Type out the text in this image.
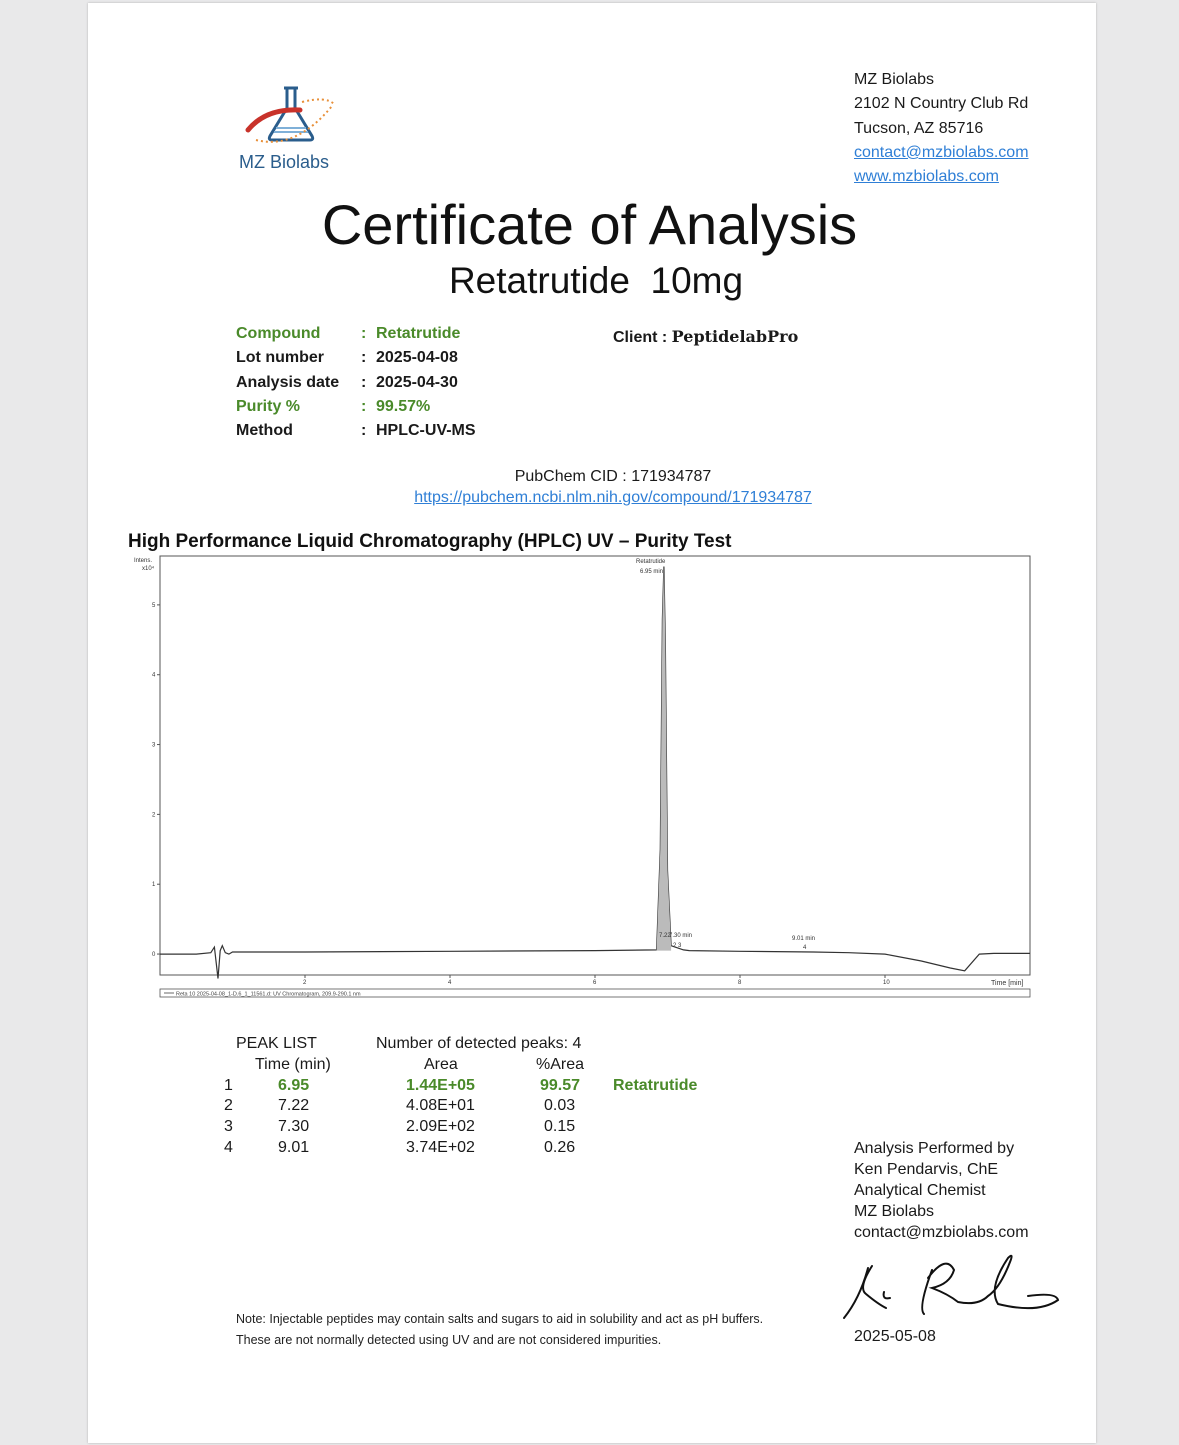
MZ Biolabs
MZ Biolabs
2102 N Country Club Rd
Tucson, AZ 85716
contact@mzbiolabs.com
www.mzbiolabs.com
Certificate of Analysis
Retatrutide  10mg
Compound	: Retatrutide
Lot number : 2025-04-08
Analysis date : 2025-04-30
Purity %	: 99.57%
Method	: HPLC-UV-MS
Client : PeptidelabPro
PubChem CID : 171934787
https://pubchem.ncbi.nlm.nih.gov/compound/171934787
High Performance Liquid Chromatography (HPLC) UV – Purity Test
Reta 10 2025-04-08_1-D.6_1_11561.d: UV Chromatogram, 209.9-290.1 nm
Intens.
x10⁴
Time [min]
2	4	6	8	10
0
1
2
3
4
5
Retatrutide
6.95 min
7.22
7.30 min
2 3
9.01 min
4
PEAK LIST	Number of detected peaks: 4
Time (min)	Area	%Area
1	6.95	1.44E+05	99.57 Retatrutide
2	7.22	4.08E+01	0.03
3	7.30	2.09E+02	0.15
4	9.01	3.74E+02	0.26
Note: Injectable peptides may contain salts and sugars to aid in solubility and act as pH buffers.
These are not normally detected using UV and are not considered impurities.
Analysis Performed by
Ken Pendarvis, ChE
Analytical Chemist
MZ Biolabs
contact@mzbiolabs.com
2025-05-08
